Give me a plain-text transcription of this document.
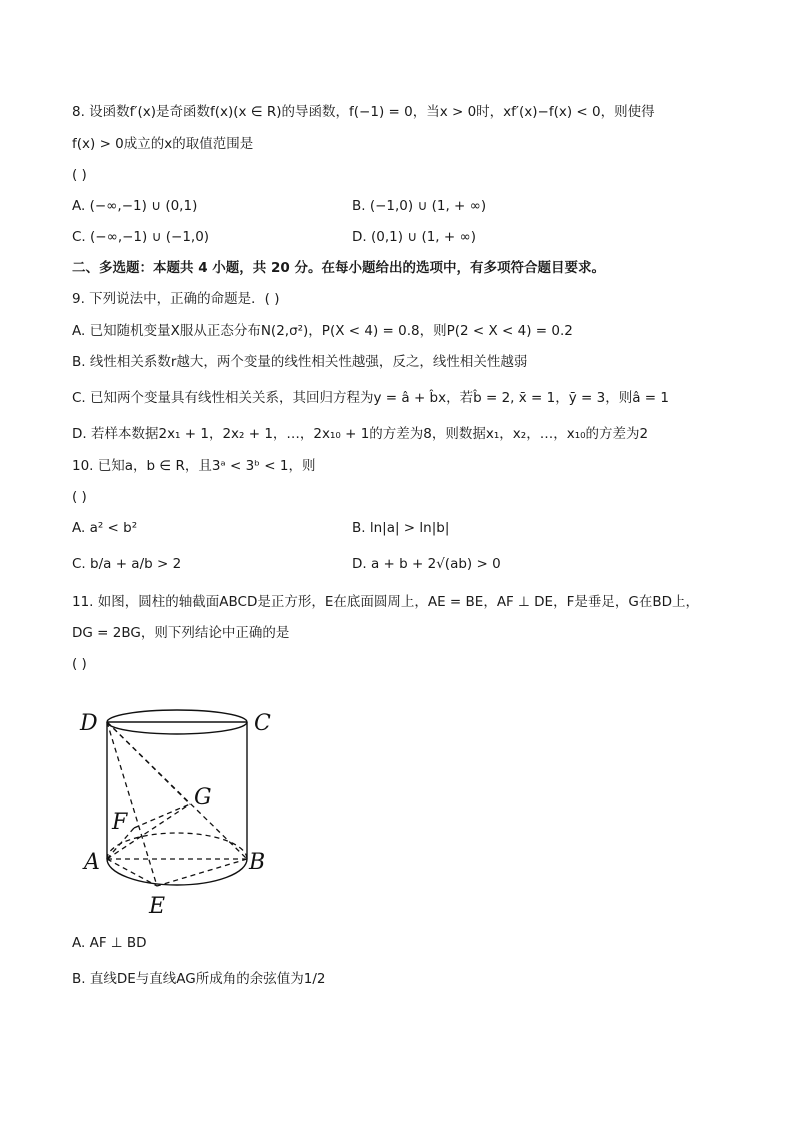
8. 设函数f′(x)是奇函数f(x)(x ∈ R)的导函数，f(−1) = 0，当x > 0时，xf′(x)−f(x) < 0，则使得
f(x) > 0成立的x的取值范围是
( )
A. (−∞,−1) ∪ (0,1)	B. (−1,0) ∪ (1, + ∞)
C. (−∞,−1) ∪ (−1,0)	D. (0,1) ∪ (1, + ∞)
二、多选题：本题共 4 小题，共 20 分。在每小题给出的选项中，有多项符合题目要求。
9. 下列说法中，正确的命题是．( )
A. 已知随机变量X服从正态分布N(2,σ²)，P(X < 4) = 0.8，则P(2 < X < 4) = 0.2
B. 线性相关系数r越大，两个变量的线性相关性越强，反之，线性相关性越弱
C. 已知两个变量具有线性相关关系，其回归方程为y = â + b̂x，若b̂ = 2, x̄ = 1，ȳ = 3，则â = 1
D. 若样本数据2x₁ + 1，2x₂ + 1，…，2x₁₀ + 1的方差为8，则数据x₁，x₂，…，x₁₀的方差为2
10. 已知a，b ∈ R，且3ᵃ < 3ᵇ < 1，则
( )
A. a² < b²	B. ln|a| > ln|b|
C. b/a + a/b > 2	D. a + b + 2√(ab) > 0
11. 如图，圆柱的轴截面ABCD是正方形，E在底面圆周上，AE = BE，AF ⊥ DE，F是垂足，G在BD上，
DG = 2BG，则下列结论中正确的是
( )
D	C
G
F
A	B
E
A. AF ⊥ BD
B. 直线DE与直线AG所成角的余弦值为1/2
